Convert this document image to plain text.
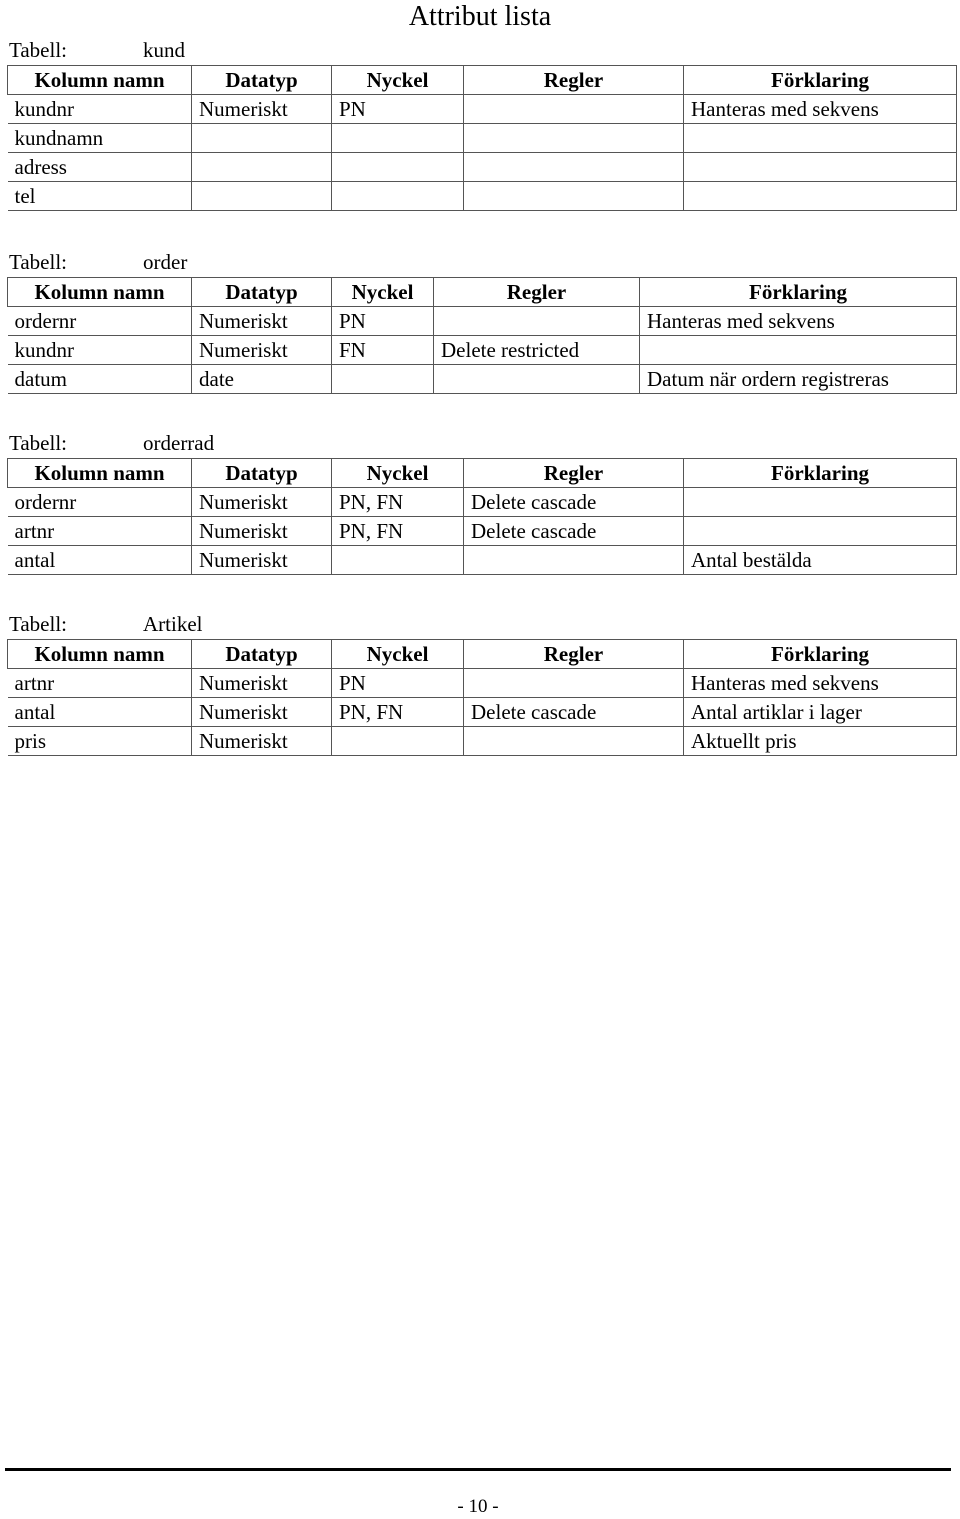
Attribut lista
Tabell:	kund
Kolumn namn	Datatyp	Nyckel	Regler	Förklaring
kundnr	Numeriskt	PN		Hanteras med sekvens
kundnamn				
adress				
tel				
Tabell:	order
Kolumn namn	Datatyp	Nyckel	Regler	Förklaring
ordernr	Numeriskt	PN		Hanteras med sekvens
kundnr	Numeriskt	FN	Delete restricted	
datum	date			Datum när ordern registreras
Tabell:	orderrad
Kolumn namn	Datatyp	Nyckel	Regler	Förklaring
ordernr	Numeriskt	PN, FN	Delete cascade	
artnr	Numeriskt	PN, FN	Delete cascade	
antal	Numeriskt			Antal bestälda
Tabell:	Artikel
Kolumn namn	Datatyp	Nyckel	Regler	Förklaring
artnr	Numeriskt	PN		Hanteras med sekvens
antal	Numeriskt	PN, FN	Delete cascade	Antal artiklar i lager
pris	Numeriskt			Aktuellt pris
- 10 -
